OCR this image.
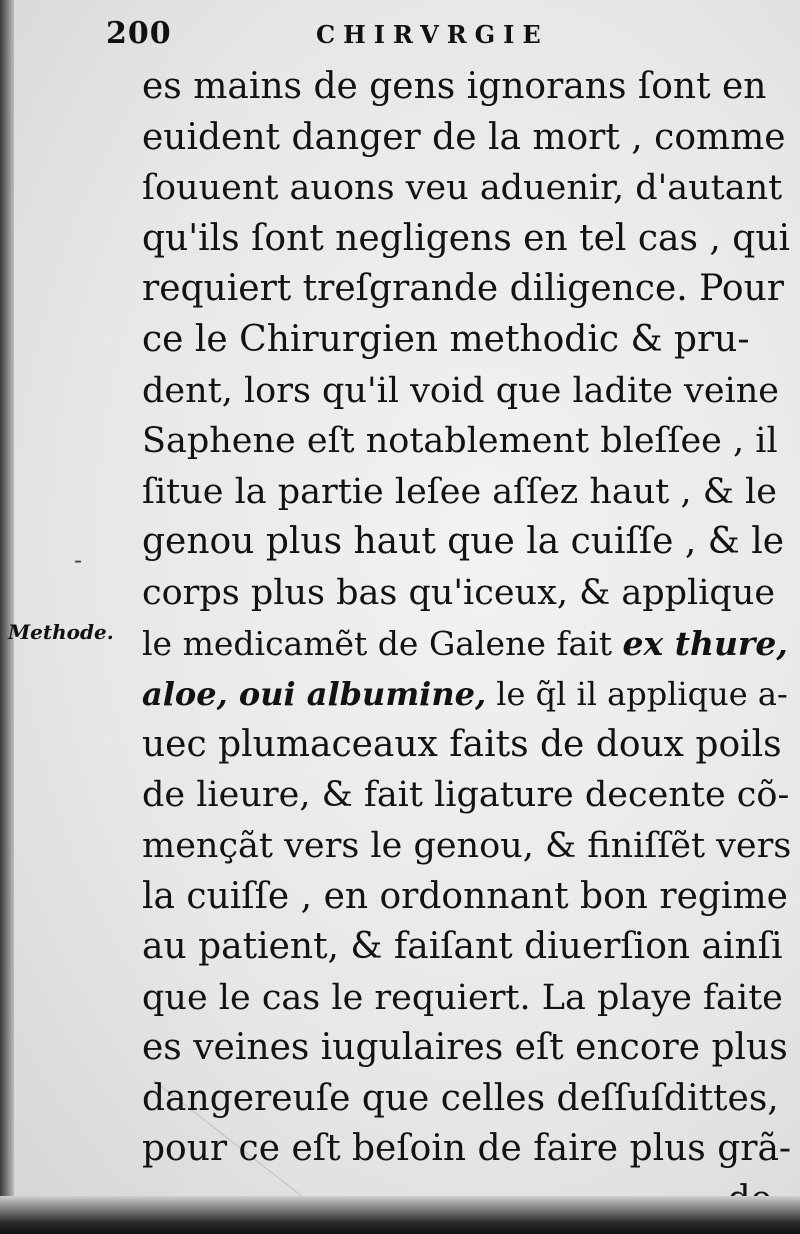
200	CHIRVRGIE
Methode.
-
es mains de gens ignorans ſont en
euident danger de la mort , comme
ſouuent auons veu aduenir, d'autant
qu'ils ſont negligens en tel cas , qui
requiert treſgrande diligence. Pour
ce le Chirurgien methodic & pru-
dent, lors qu'il void que ladite veine
Saphene eſt notablement bleſſee , il
ſitue la partie leſee aſſez haut , & le
genou plus haut que la cuiſſe , & le
corps plus bas qu'iceux, & applique
le medicamẽt de Galene fait ex thure,
aloe, oui albumine, le q̃l il applique a-
uec plumaceaux faits de doux poils
de lieure, & fait ligature decente cõ-
mençãt vers le genou, & finiſſẽt vers
la cuiſſe , en ordonnant bon regime
au patient, & faiſant diuerſion ainſi
que le cas le requiert. La playe faite
es veines iugulaires eſt encore plus
dangereuſe que celles deſſuſdittes,
pour ce eſt beſoin de faire plus grã-
